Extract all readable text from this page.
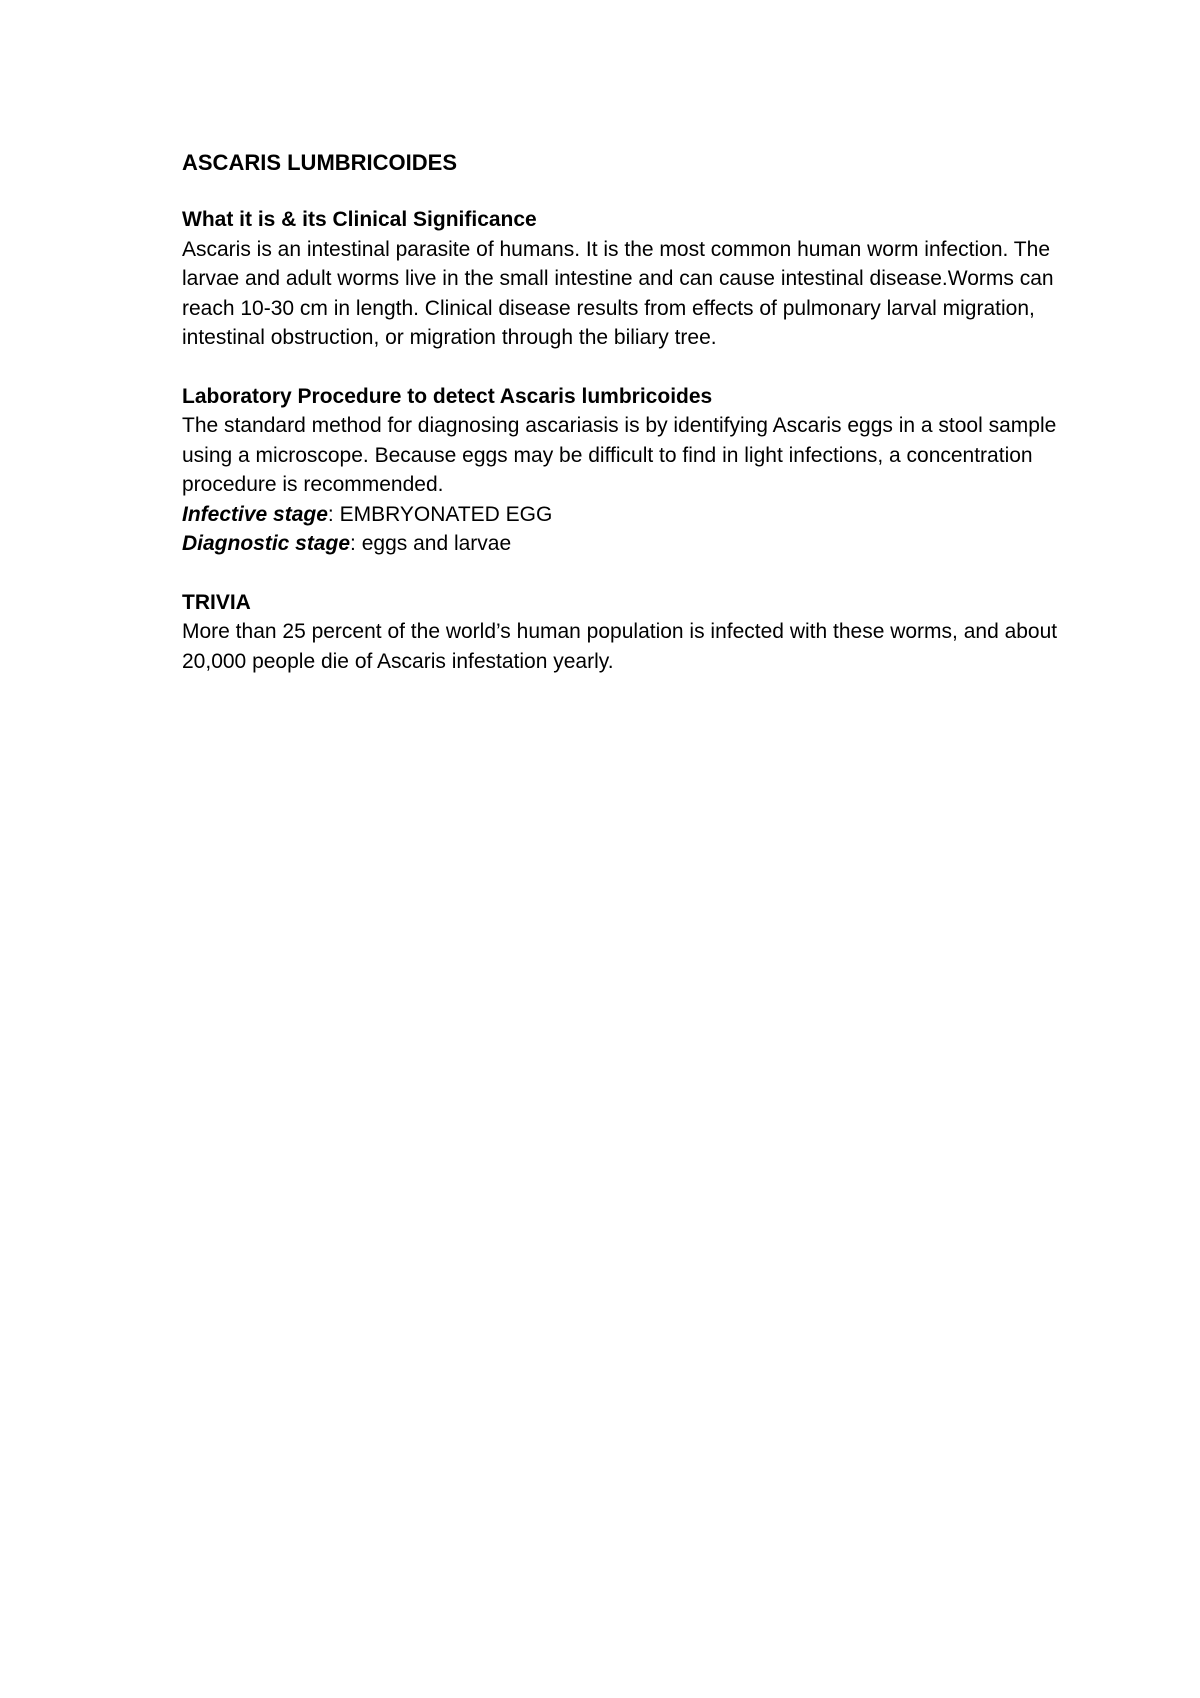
ASCARIS LUMBRICOIDES
What it is & its Clinical Significance
Ascaris is an intestinal parasite of humans. It is the most common human worm infection. The larvae and adult worms live in the small intestine and can cause intestinal disease.Worms can reach 10-30 cm in length. Clinical disease results from effects of pulmonary larval migration, intestinal obstruction, or migration through the biliary tree.
Laboratory Procedure to detect Ascaris lumbricoides
The standard method for diagnosing ascariasis is by identifying Ascaris eggs in a stool sample using a microscope. Because eggs may be difficult to find in light infections, a concentration procedure is recommended.
Infective stage: EMBRYONATED EGG
Diagnostic stage: eggs and larvae
TRIVIA
More than 25 percent of the world’s human population is infected with these worms, and about 20,000 people die of Ascaris infestation yearly.
